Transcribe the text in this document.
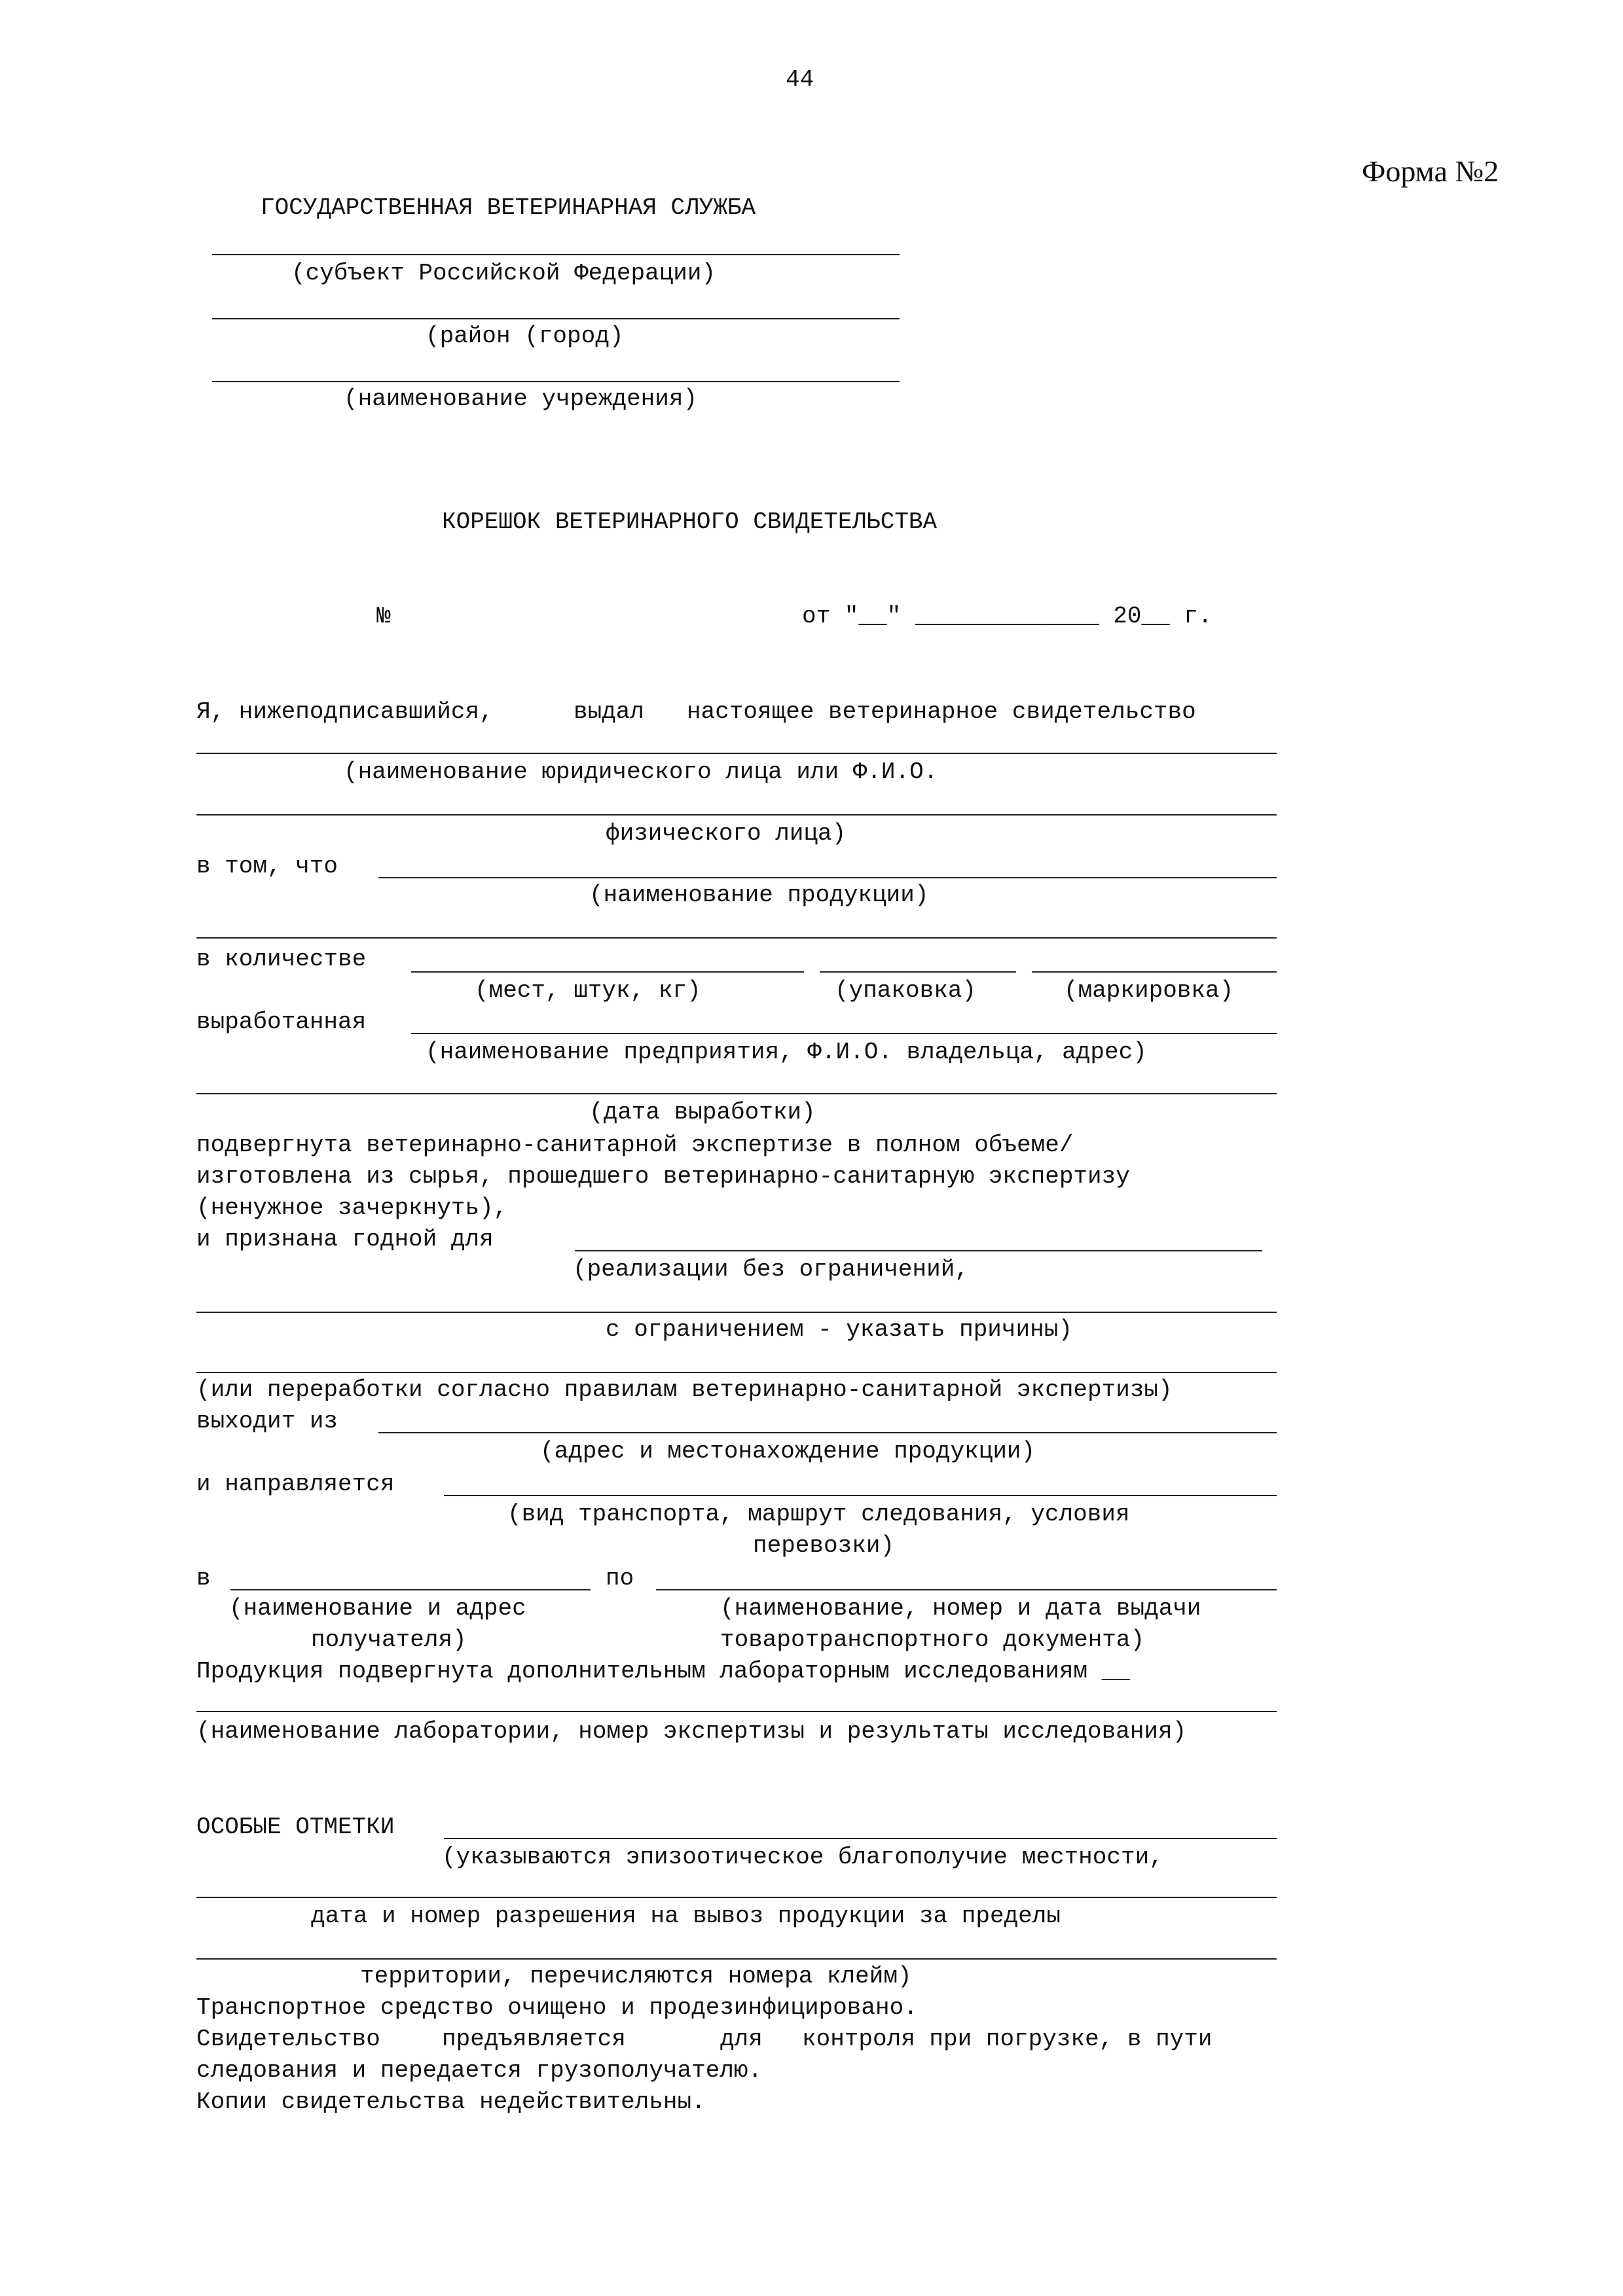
44
Форма №2
ГОСУДАРСТВЕННАЯ ВЕТЕРИНАРНАЯ СЛУЖБА
(субъект Российской Федерации)
(район (город)
(наименование учреждения)
КОРЕШОК ВЕТЕРИНАРНОГО СВИДЕТЕЛЬСТВА
№	от "__" _____________ 20__ г.
Я, нижеподписавшийся,	выдал настоящее ветеринарное свидетельство
(наименование юридического лица или Ф.И.О.
физического лица)
в том, что
(наименование продукции)
в количестве
(мест, штук, кг)	(упаковка)	(маркировка)
выработанная
(наименование предприятия, Ф.И.О. владельца, адрес)
(дата выработки)
подвергнута ветеринарно-санитарной экспертизе в полном объеме/
изготовлена из сырья, прошедшего ветеринарно-санитарную экспертизу
(ненужное зачеркнуть),
и признана годной для
(реализации без ограничений,
с ограничением - указать причины)
(или переработки согласно правилам ветеринарно-санитарной экспертизы)
выходит из
(адрес и местонахождение продукции)
и направляется
(вид транспорта, маршрут следования, условия
перевозки)
в	по
(наименование и адрес
получателя)
(наименование, номер и дата выдачи
товаротранспортного документа)
Продукция подвергнута дополнительным лабораторным исследованиям __
(наименование лаборатории, номер экспертизы и результаты исследования)
ОСОБЫЕ ОТМЕТКИ
(указываются эпизоотическое благополучие местности,
дата и номер разрешения на вывоз продукции за пределы
территории, перечисляются номера клейм)
Транспортное средство очищено и продезинфицировано.
Свидетельство	предъявляется	для контроля при погрузке, в пути
следования и передается грузополучателю.
Копии свидетельства недействительны.
